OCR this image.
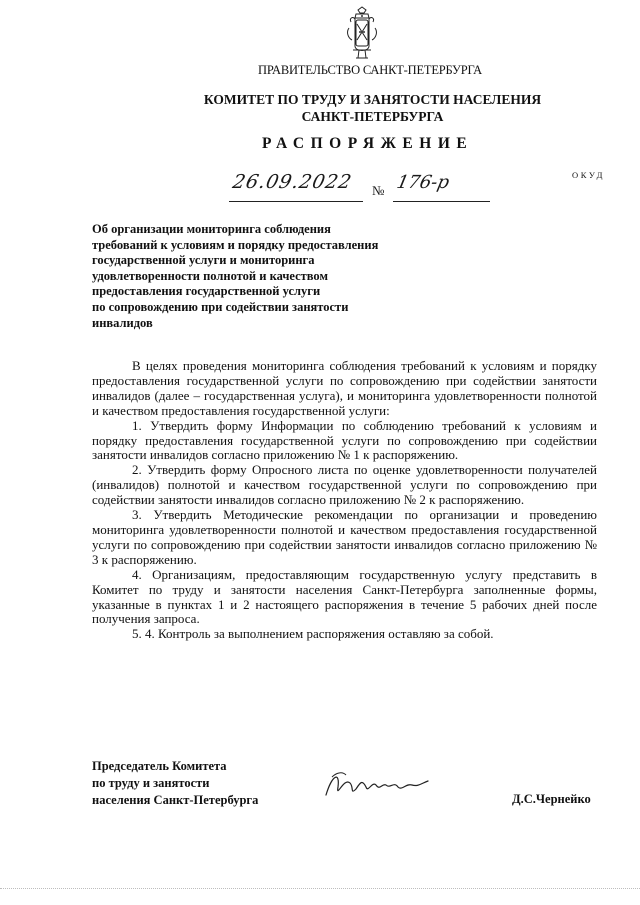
ПРАВИТЕЛЬСТВО САНКТ-ПЕТЕРБУРГА
КОМИТЕТ ПО ТРУДУ И ЗАНЯТОСТИ НАСЕЛЕНИЯ
САНКТ-ПЕТЕРБУРГА
РАСПОРЯЖЕНИЕ
ОКУД
26.09.2022 № 176-р
Об организации мониторинга соблюдения
требований к условиям и порядку предоставления
государственной услуги и мониторинга
удовлетворенности полнотой и качеством
предоставления государственной услуги
по сопровождению при содействии занятости
инвалидов

В целях проведения мониторинга соблюдения требований к условиям и порядку предоставления государственной услуги по сопровождению при содействии занятости инвалидов (далее – государственная услуга), и мониторинга удовлетворенности полнотой и качеством предоставления государственной услуги:

1. Утвердить форму Информации по соблюдению требований к условиям и порядку предоставления государственной услуги по сопровождению при содействии занятости инвалидов согласно приложению № 1 к распоряжению.

2. Утвердить форму Опросного листа по оценке удовлетворенности получателей (инвалидов) полнотой и качеством государственной услуги по сопровождению при содействии занятости инвалидов согласно приложению № 2 к распоряжению.

3. Утвердить Методические рекомендации по организации и проведению мониторинга удовлетворенности полнотой и качеством предоставления государственной услуги по сопровождению при содействии занятости инвалидов согласно приложению № 3 к распоряжению.

4. Организациям, предоставляющим государственную услугу представить в Комитет по труду и занятости населения Санкт-Петербурга заполненные формы, указанные в пунктах 1 и 2 настоящего распоряжения в течение 5 рабочих дней после получения запроса.

5. 4. Контроль за выполнением распоряжения оставляю за собой.

Председатель Комитета
по труду и занятости
населения Санкт-Петербурга	Д.С.Чернейко
